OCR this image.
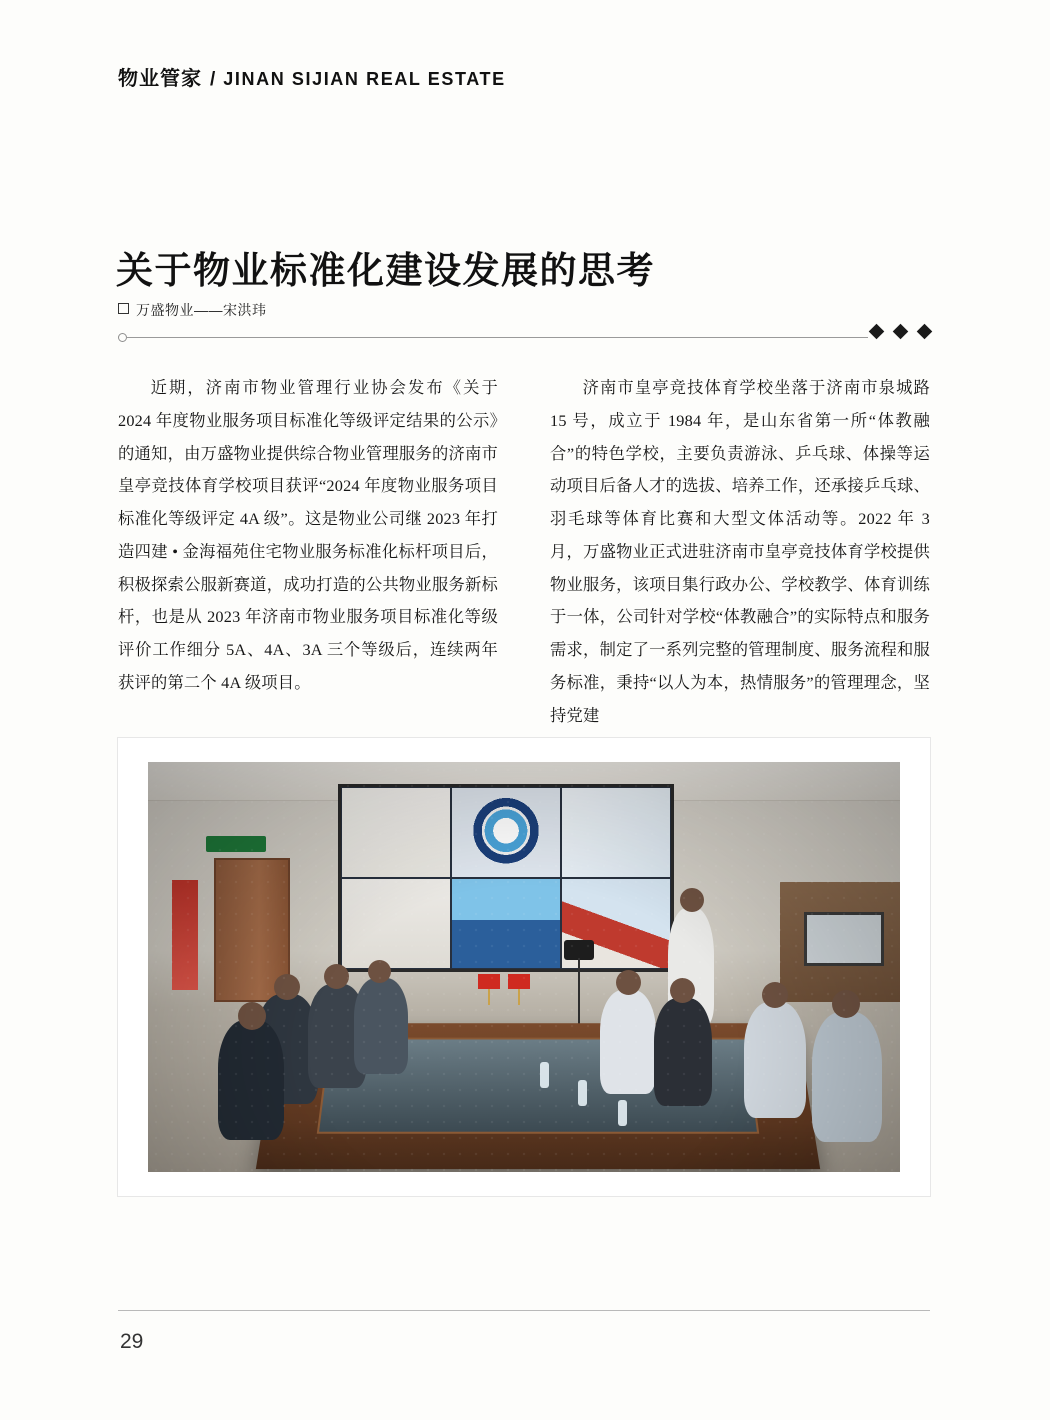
物业管家 / JINAN SIJIAN REAL ESTATE
关于物业标准化建设发展的思考
万盛物业——宋洪玮

近期，济南市物业管理行业协会发布《关于 2024 年度物业服务项目标准化等级评定结果的公示》的通知，由万盛物业提供综合物业管理服务的济南市皇亭竞技体育学校项目获评“2024 年度物业服务项目标准化等级评定 4A 级”。这是物业公司继 2023 年打造四建 • 金海福苑住宅物业服务标准化标杆项目后，积极探索公服新赛道，成功打造的公共物业服务新标杆，也是从 2023 年济南市物业服务项目标准化等级评价工作细分 5A、4A、3A 三个等级后，连续两年获评的第二个 4A 级项目。

济南市皇亭竞技体育学校坐落于济南市泉城路 15 号，成立于 1984 年，是山东省第一所“体教融合”的特色学校，主要负责游泳、乒乓球、体操等运动项目后备人才的选拔、培养工作，还承接乒乓球、羽毛球等体育比赛和大型文体活动等。2022 年 3 月，万盛物业正式进驻济南市皇亭竞技体育学校提供物业服务，该项目集行政办公、学校教学、体育训练于一体，公司针对学校“体教融合”的实际特点和服务需求，制定了一系列完整的管理制度、服务流程和服务标准，秉持“以人为本，热情服务”的管理理念，坚持党建

29
